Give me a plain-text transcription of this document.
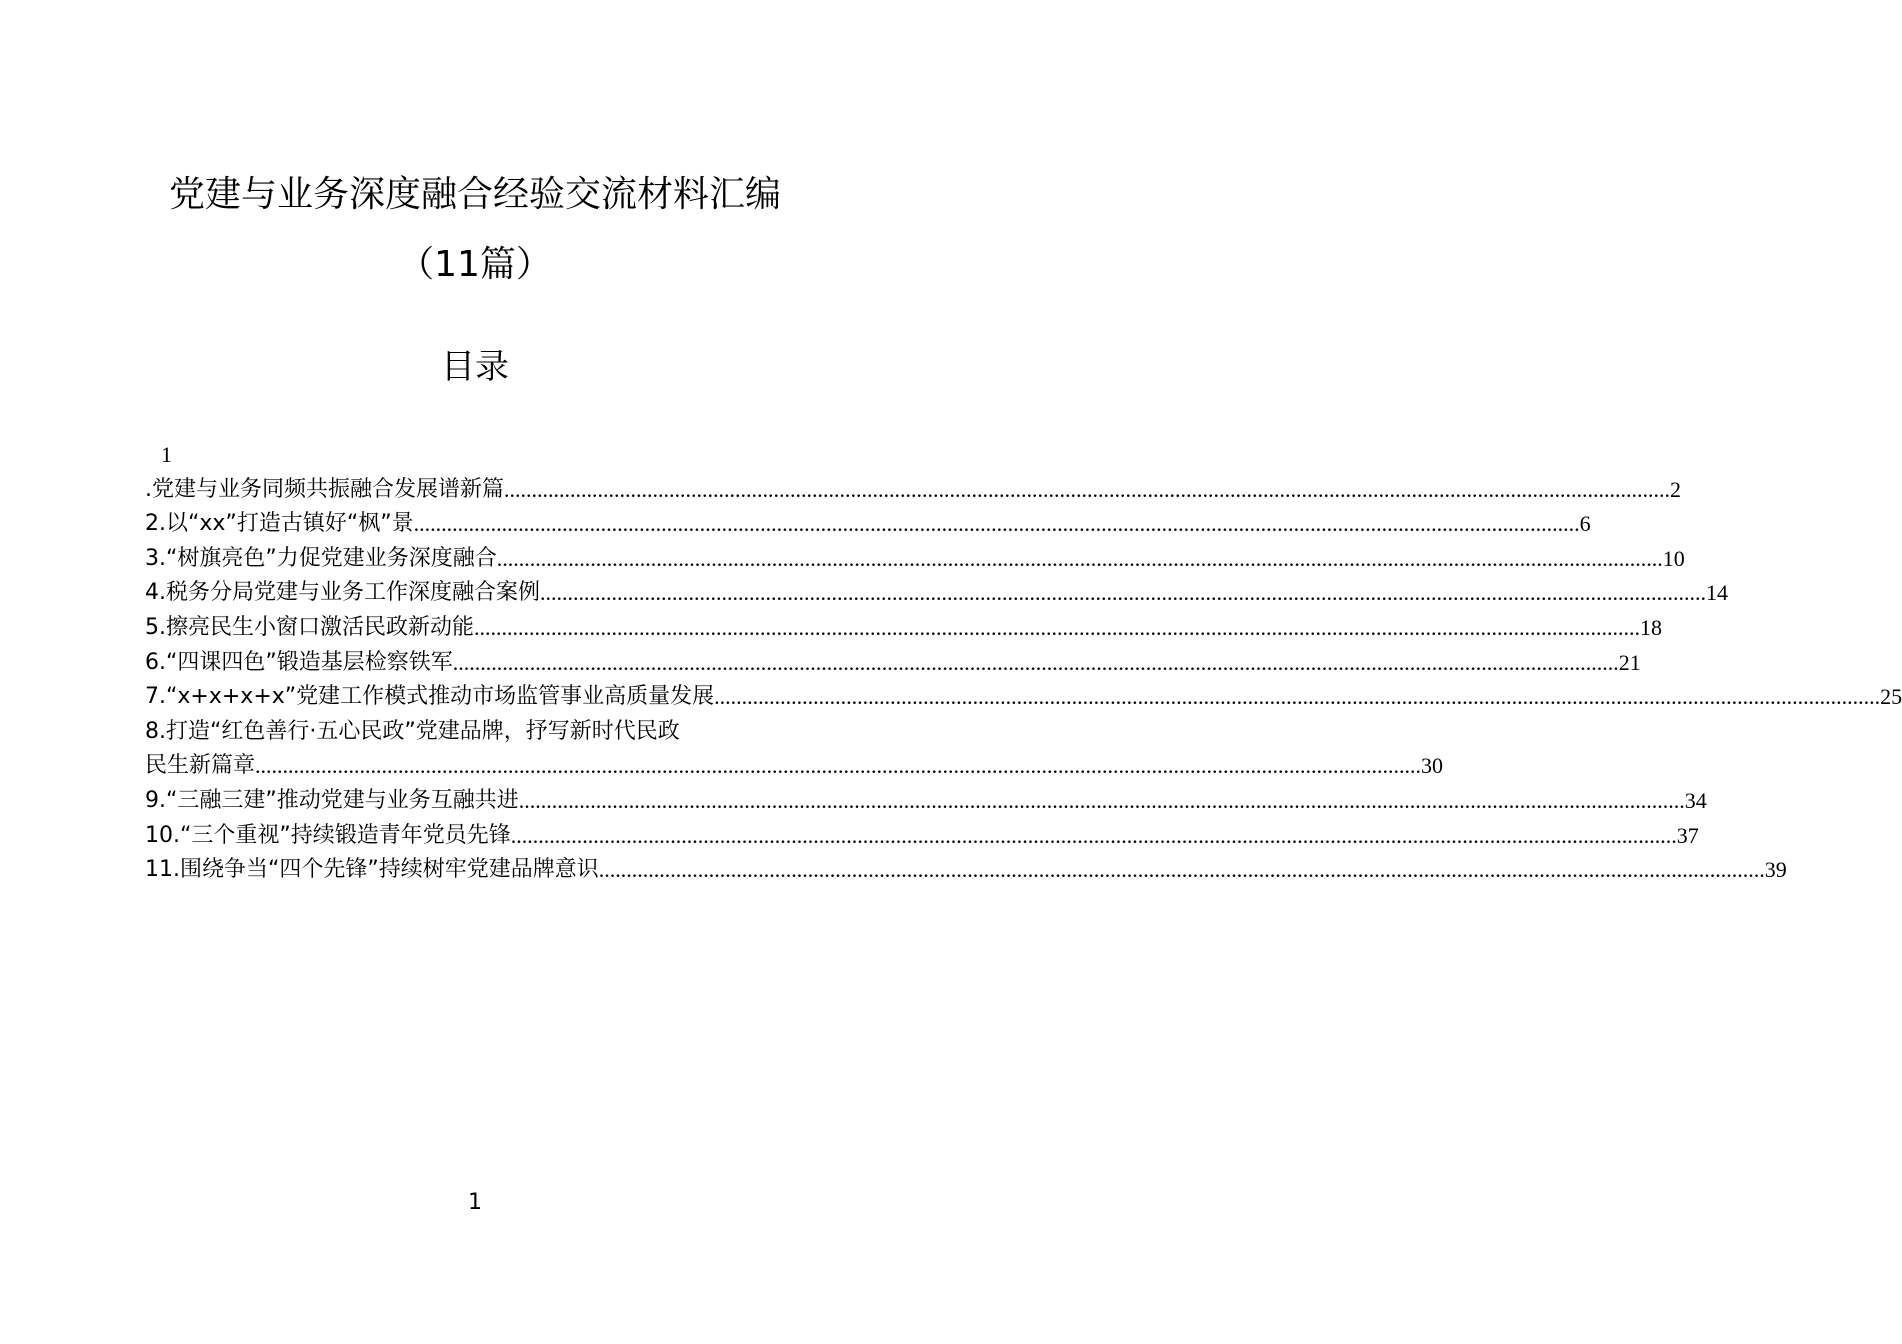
党建与业务深度融合经验交流材料汇编
（11篇）
目录
1
.党建与业务同频共振融合发展谱新篇 .....	2
2.以“xx”打造古镇好“枫”景 .....	6
3.“树旗亮色”力促党建业务深度融合 .....	10
4.税务分局党建与业务工作深度融合案例 .....	14
5.擦亮民生小窗口激活民政新动能 .....	18
6.“四课四色”锻造基层检察铁军 .....	21
7.“x+x+x+x”党建工作模式推动市场监管事业高质量发展 .....	25
8.打造“红色善行·五心民政”党建品牌，抒写新时代民政
民生新篇章 .....	30
9.“三融三建”推动党建与业务互融共进 .....	34
10.“三个重视”持续锻造青年党员先锋 .....	37
11.围绕争当“四个先锋”持续树牢党建品牌意识 .....	39
1
